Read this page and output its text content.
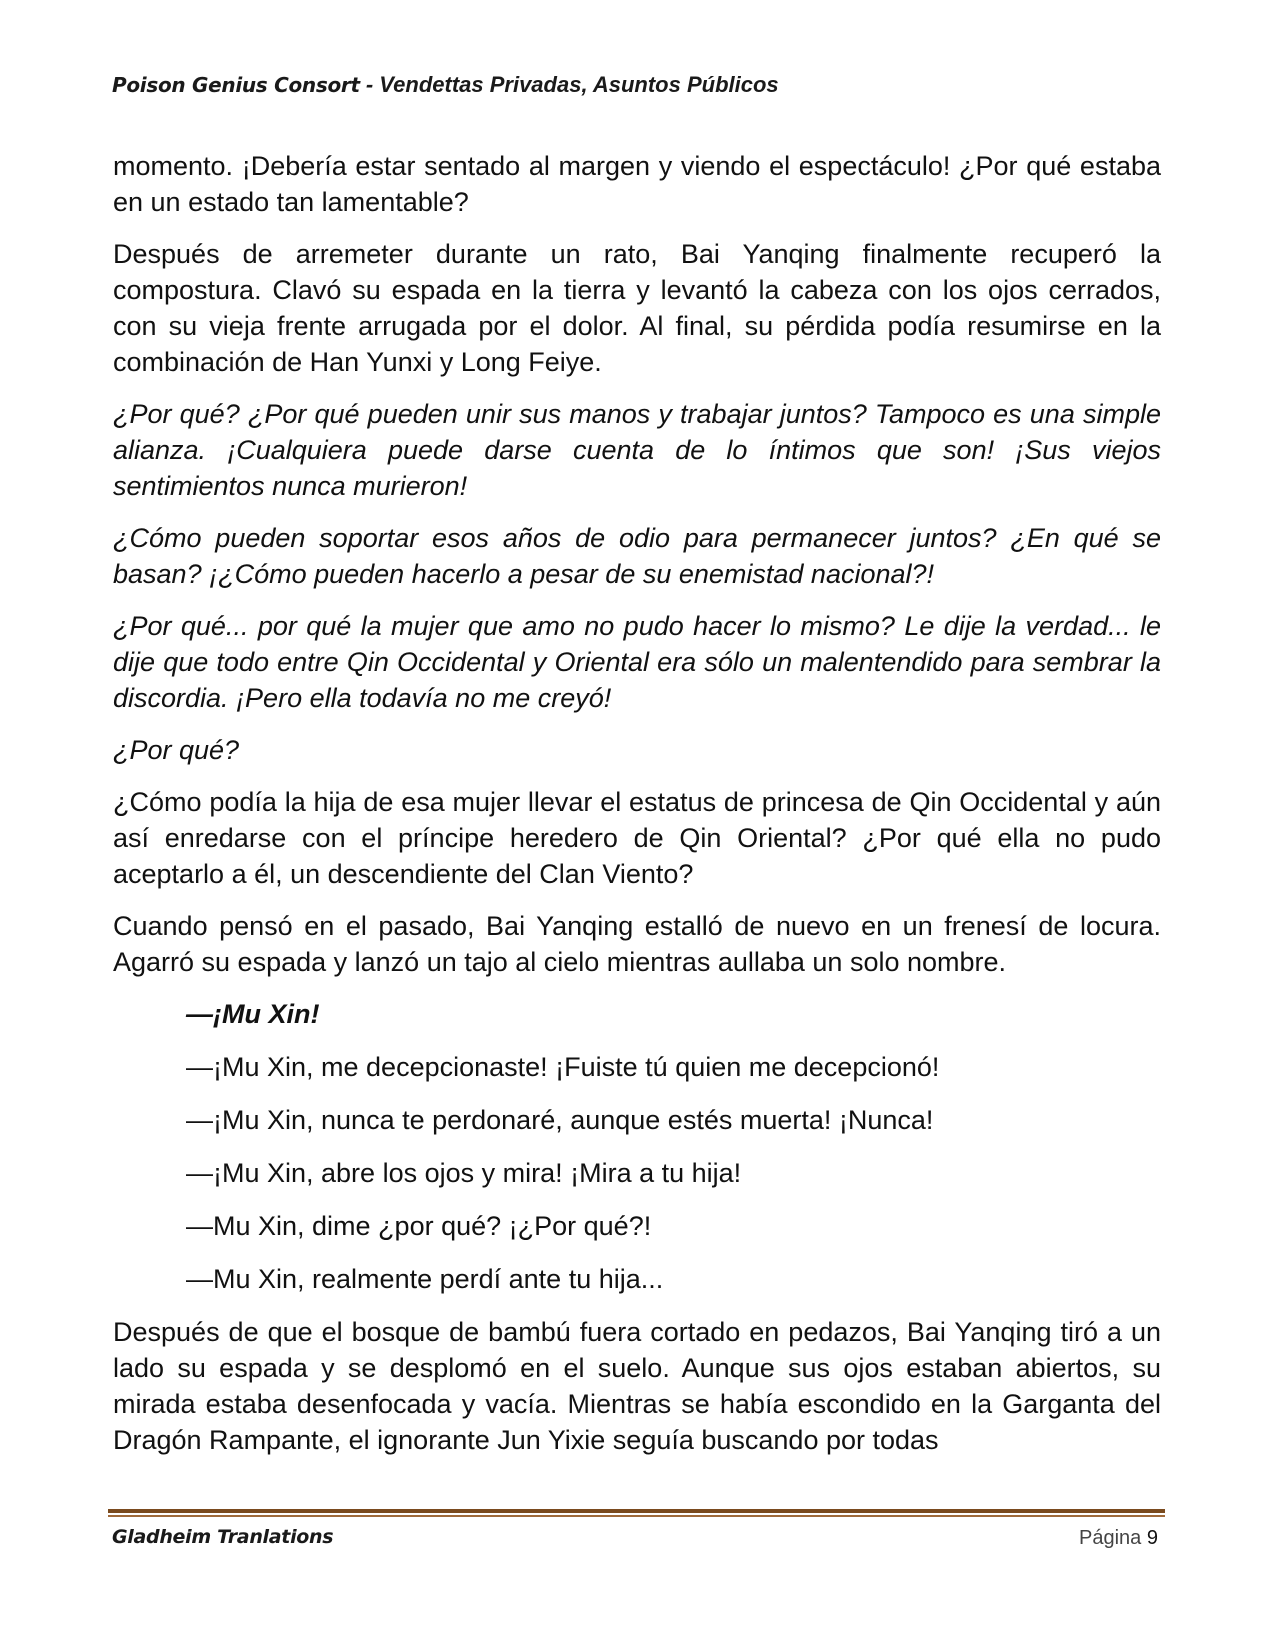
Poison Genius Consort - Vendettas Privadas, Asuntos Públicos

momento. ¡Debería estar sentado al margen y viendo el espectáculo! ¿Por qué estaba en un estado tan lamentable?

Después de arremeter durante un rato, Bai Yanqing finalmente recuperó la compostura. Clavó su espada en la tierra y levantó la cabeza con los ojos cerrados, con su vieja frente arrugada por el dolor. Al final, su pérdida podía resumirse en la combinación de Han Yunxi y Long Feiye.

¿Por qué? ¿Por qué pueden unir sus manos y trabajar juntos? Tampoco es una simple alianza. ¡Cualquiera puede darse cuenta de lo íntimos que son! ¡Sus viejos sentimientos nunca murieron!

¿Cómo pueden soportar esos años de odio para permanecer juntos? ¿En qué se basan? ¡¿Cómo pueden hacerlo a pesar de su enemistad nacional?!

¿Por qué... por qué la mujer que amo no pudo hacer lo mismo? Le dije la verdad... le dije que todo entre Qin Occidental y Oriental era sólo un malentendido para sembrar la discordia. ¡Pero ella todavía no me creyó!

¿Por qué?

¿Cómo podía la hija de esa mujer llevar el estatus de princesa de Qin Occidental y aún así enredarse con el príncipe heredero de Qin Oriental? ¿Por qué ella no pudo aceptarlo a él, un descendiente del Clan Viento?

Cuando pensó en el pasado, Bai Yanqing estalló de nuevo en un frenesí de locura. Agarró su espada y lanzó un tajo al cielo mientras aullaba un solo nombre.

—¡Mu Xin!

—¡Mu Xin, me decepcionaste! ¡Fuiste tú quien me decepcionó!

—¡Mu Xin, nunca te perdonaré, aunque estés muerta! ¡Nunca!

—¡Mu Xin, abre los ojos y mira! ¡Mira a tu hija!

—Mu Xin, dime ¿por qué? ¡¿Por qué?!

—Mu Xin, realmente perdí ante tu hija...

Después de que el bosque de bambú fuera cortado en pedazos, Bai Yanqing tiró a un lado su espada y se desplomó en el suelo. Aunque sus ojos estaban abiertos, su mirada estaba desenfocada y vacía. Mientras se había escondido en la Garganta del Dragón Rampante, el ignorante Jun Yixie seguía buscando por todas

Gladheim Tranlations	Página 9
